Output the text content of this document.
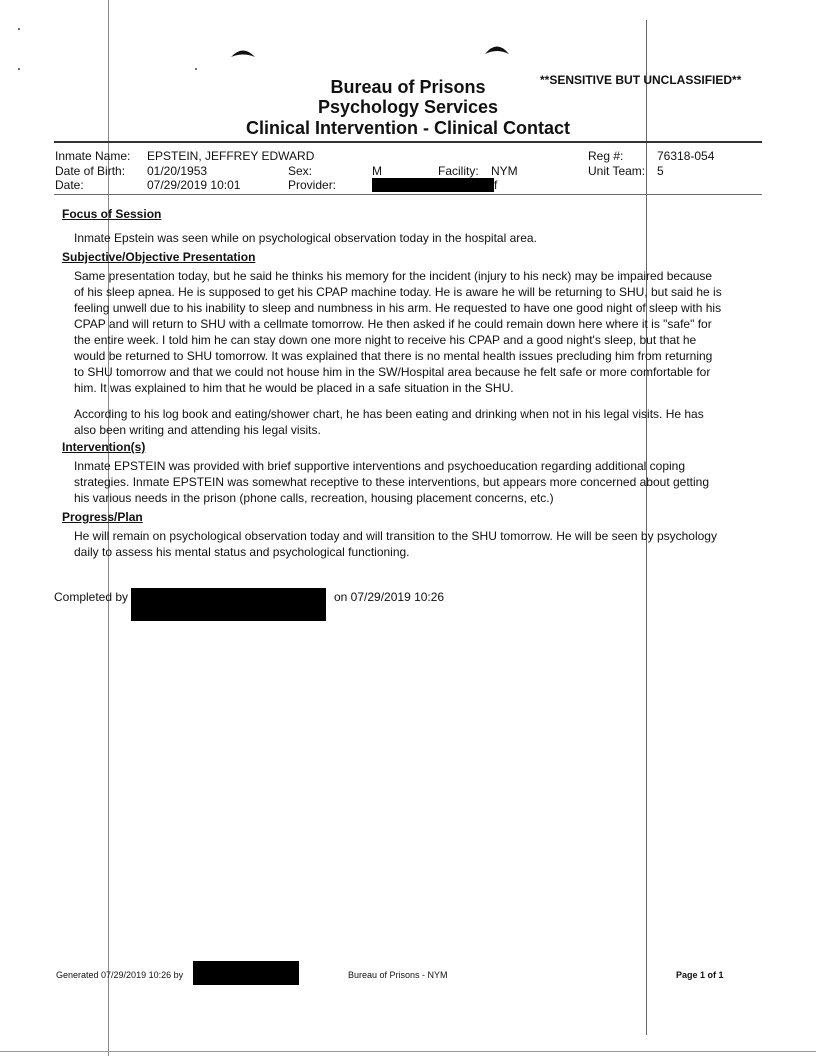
**SENSITIVE BUT UNCLASSIFIED**
Bureau of Prisons
Psychology Services
Clinical Intervention - Clinical Contact
Inmate Name: EPSTEIN, JEFFREY EDWARD	Reg #:	76318-054
Date of Birth: 01/20/1953	Sex:	M	Facility: NYM	Unit Team: 5
Date:	07/29/2019 10:01	Provider:	f
Focus of Session
Inmate Epstein was seen while on psychological observation today in the hospital area.
Subjective/Objective Presentation
Same presentation today, but he said he thinks his memory for the incident (injury to his neck) may be impaired because of his sleep apnea. He is supposed to get his CPAP machine today. He is aware he will be returning to SHU, but said he is feeling unwell due to his inability to sleep and numbness in his arm. He requested to have one good night of sleep with his CPAP and will return to SHU with a cellmate tomorrow. He then asked if he could remain down here where it is "safe" for the entire week. I told him he can stay down one more night to receive his CPAP and a good night's sleep, but that he would be returned to SHU tomorrow. It was explained that there is no mental health issues precluding him from returning to SHU tomorrow and that we could not house him in the SW/Hospital area because he felt safe or more comfortable for him. It was explained to him that he would be placed in a safe situation in the SHU.
According to his log book and eating/shower chart, he has been eating and drinking when not in his legal visits. He has also been writing and attending his legal visits.
Intervention(s)
Inmate EPSTEIN was provided with brief supportive interventions and psychoeducation regarding additional coping strategies. Inmate EPSTEIN was somewhat receptive to these interventions, but appears more concerned about getting his various needs in the prison (phone calls, recreation, housing placement concerns, etc.)
Progress/Plan
He will remain on psychological observation today and will transition to the SHU tomorrow. He will be seen by psychology daily to assess his mental status and psychological functioning.
Completed by	on 07/29/2019 10:26
Generated 07/29/2019 10:26 by	Bureau of Prisons - NYM	Page 1 of 1
